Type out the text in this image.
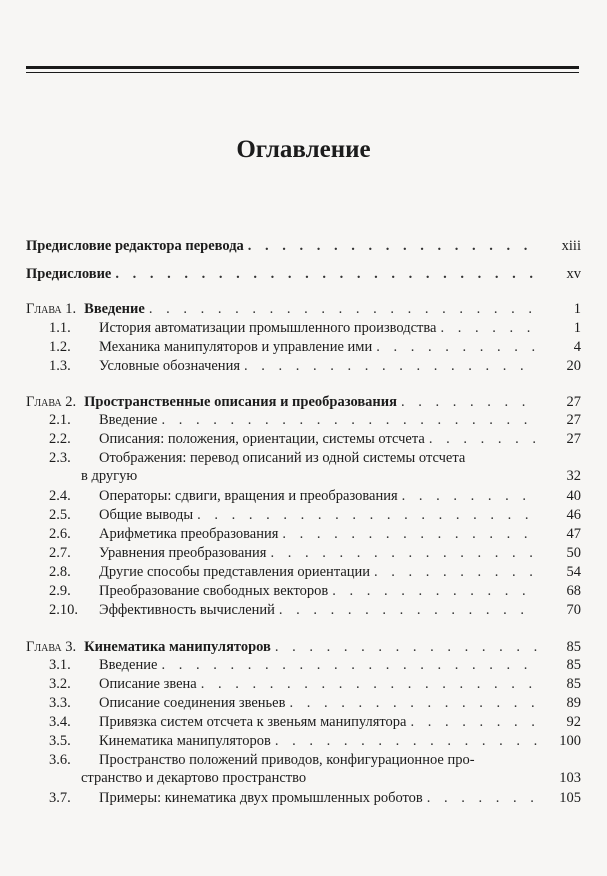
Оглавление
Предисловие редактора перевода . . .	xiii
Предисловие . . .	xv
Глава 1. Введение . . .	1
1.1.	История автоматизации промышленного производства . . .	1
1.2.	Механика манипуляторов и управление ими . . .	4
1.3.	Условные обозначения . . .	20
Глава 2. Пространственные описания и преобразования . . .	27
2.1.	Введение . . .	27
2.2.	Описания: положения, ориентации, системы отсчета . . .	27
2.3.	Отображения: перевод описаний из одной системы отсчета
в другую	32
2.4.	Операторы: сдвиги, вращения и преобразования . . .	40
2.5.	Общие выводы . . .	46
2.6.	Арифметика преобразования . . .	47
2.7.	Уравнения преобразования . . .	50
2.8.	Другие способы представления ориентации . . .	54
2.9.	Преобразование свободных векторов . . .	68
2.10.	Эффективность вычислений . . .	70
Глава 3. Кинематика манипуляторов . . .	85
3.1.	Введение . . .	85
3.2.	Описание звена . . .	85
3.3.	Описание соединения звеньев . . .	89
3.4.	Привязка систем отсчета к звеньям манипулятора . . .	92
3.5.	Кинематика манипуляторов . . .	100
3.6.	Пространство положений приводов, конфигурационное про-
странство и декартово пространство	103
3.7.	Примеры: кинематика двух промышленных роботов . . .	105
